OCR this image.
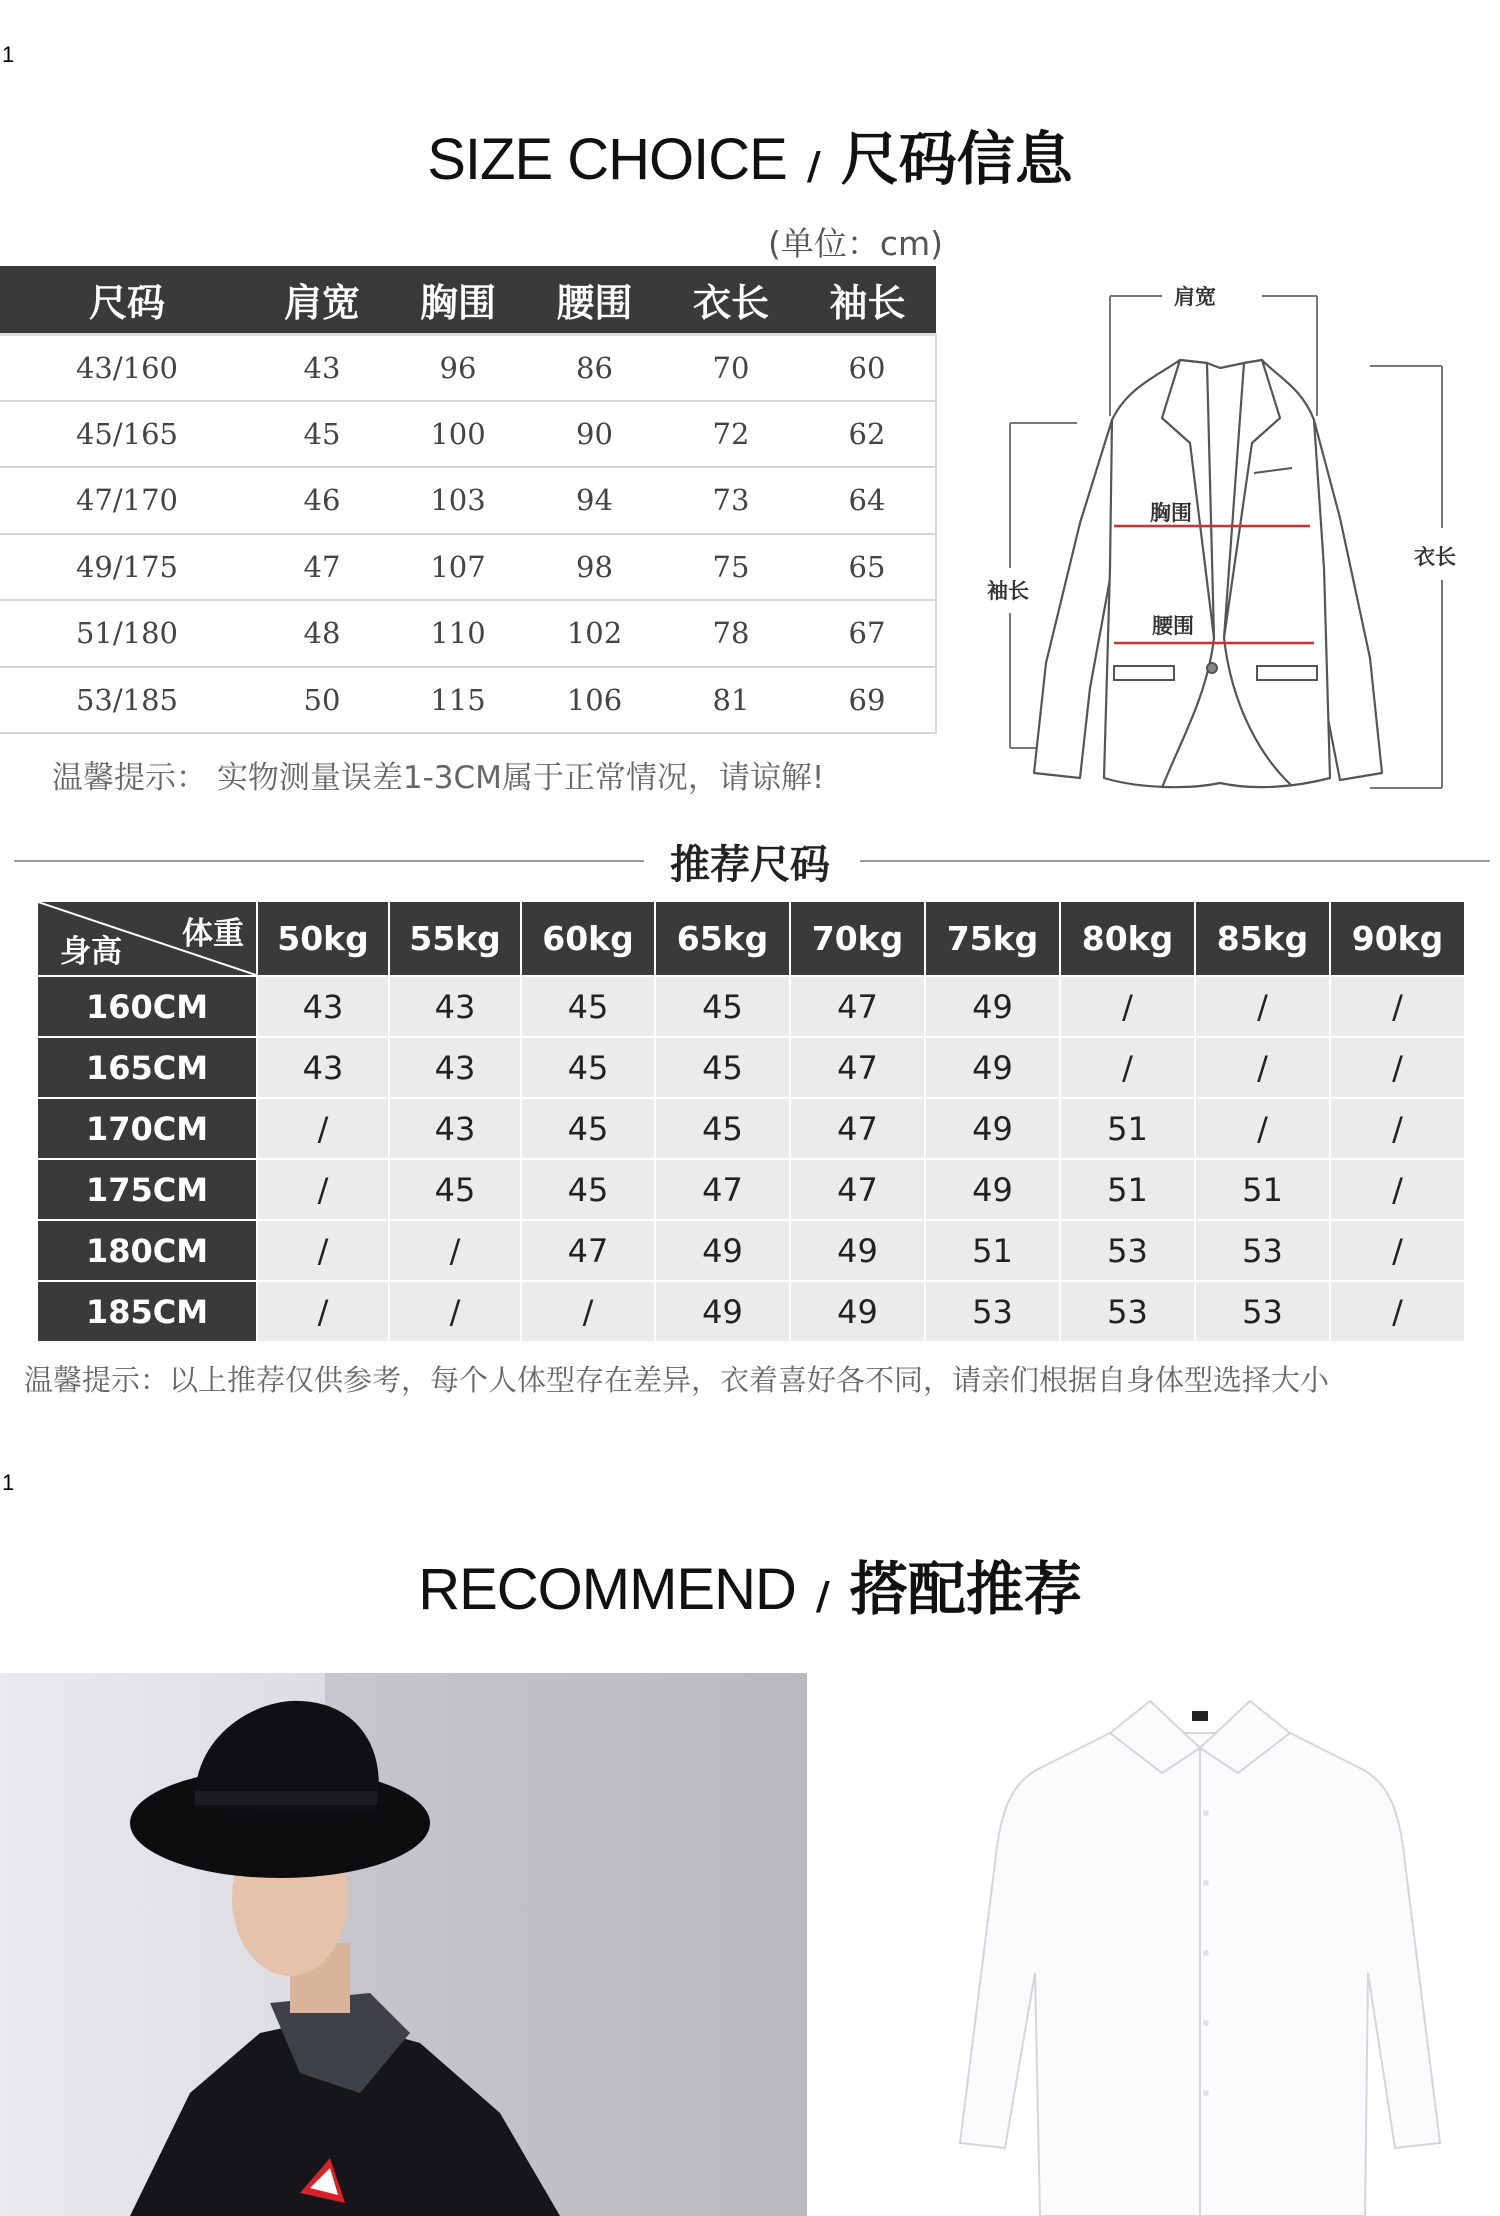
1
SIZE CHOICE / 尺码信息
(单位：cm)
尺码	肩宽	胸围	腰围	衣长	袖长
43/160	43	96	86	70	60
45/165	45	100	90	72	62
47/170	46	103	94	73	64
49/175	47	107	98	75	65
51/180	48	110	102	78	67
53/185	50	115	106	81	69
温馨提示： 实物测量误差1-3CM属于正常情况，请谅解!
肩宽
胸围
腰围
袖长
衣长
推荐尺码
体重
身高	50kg	55kg	60kg	65kg	70kg	75kg	80kg	85kg	90kg
160CM	43	43	45	45	47	49	/	/	/
165CM	43	43	45	45	47	49	/	/	/
170CM	/	43	45	45	47	49	51	/	/
175CM	/	45	45	47	47	49	51	51	/
180CM	/	/	47	49	49	51	53	53	/
185CM	/	/	/	49	49	53	53	53	/
温馨提示：以上推荐仅供参考，每个人体型存在差异，衣着喜好各不同，请亲们根据自身体型选择大小
1
RECOMMEND / 搭配推荐
